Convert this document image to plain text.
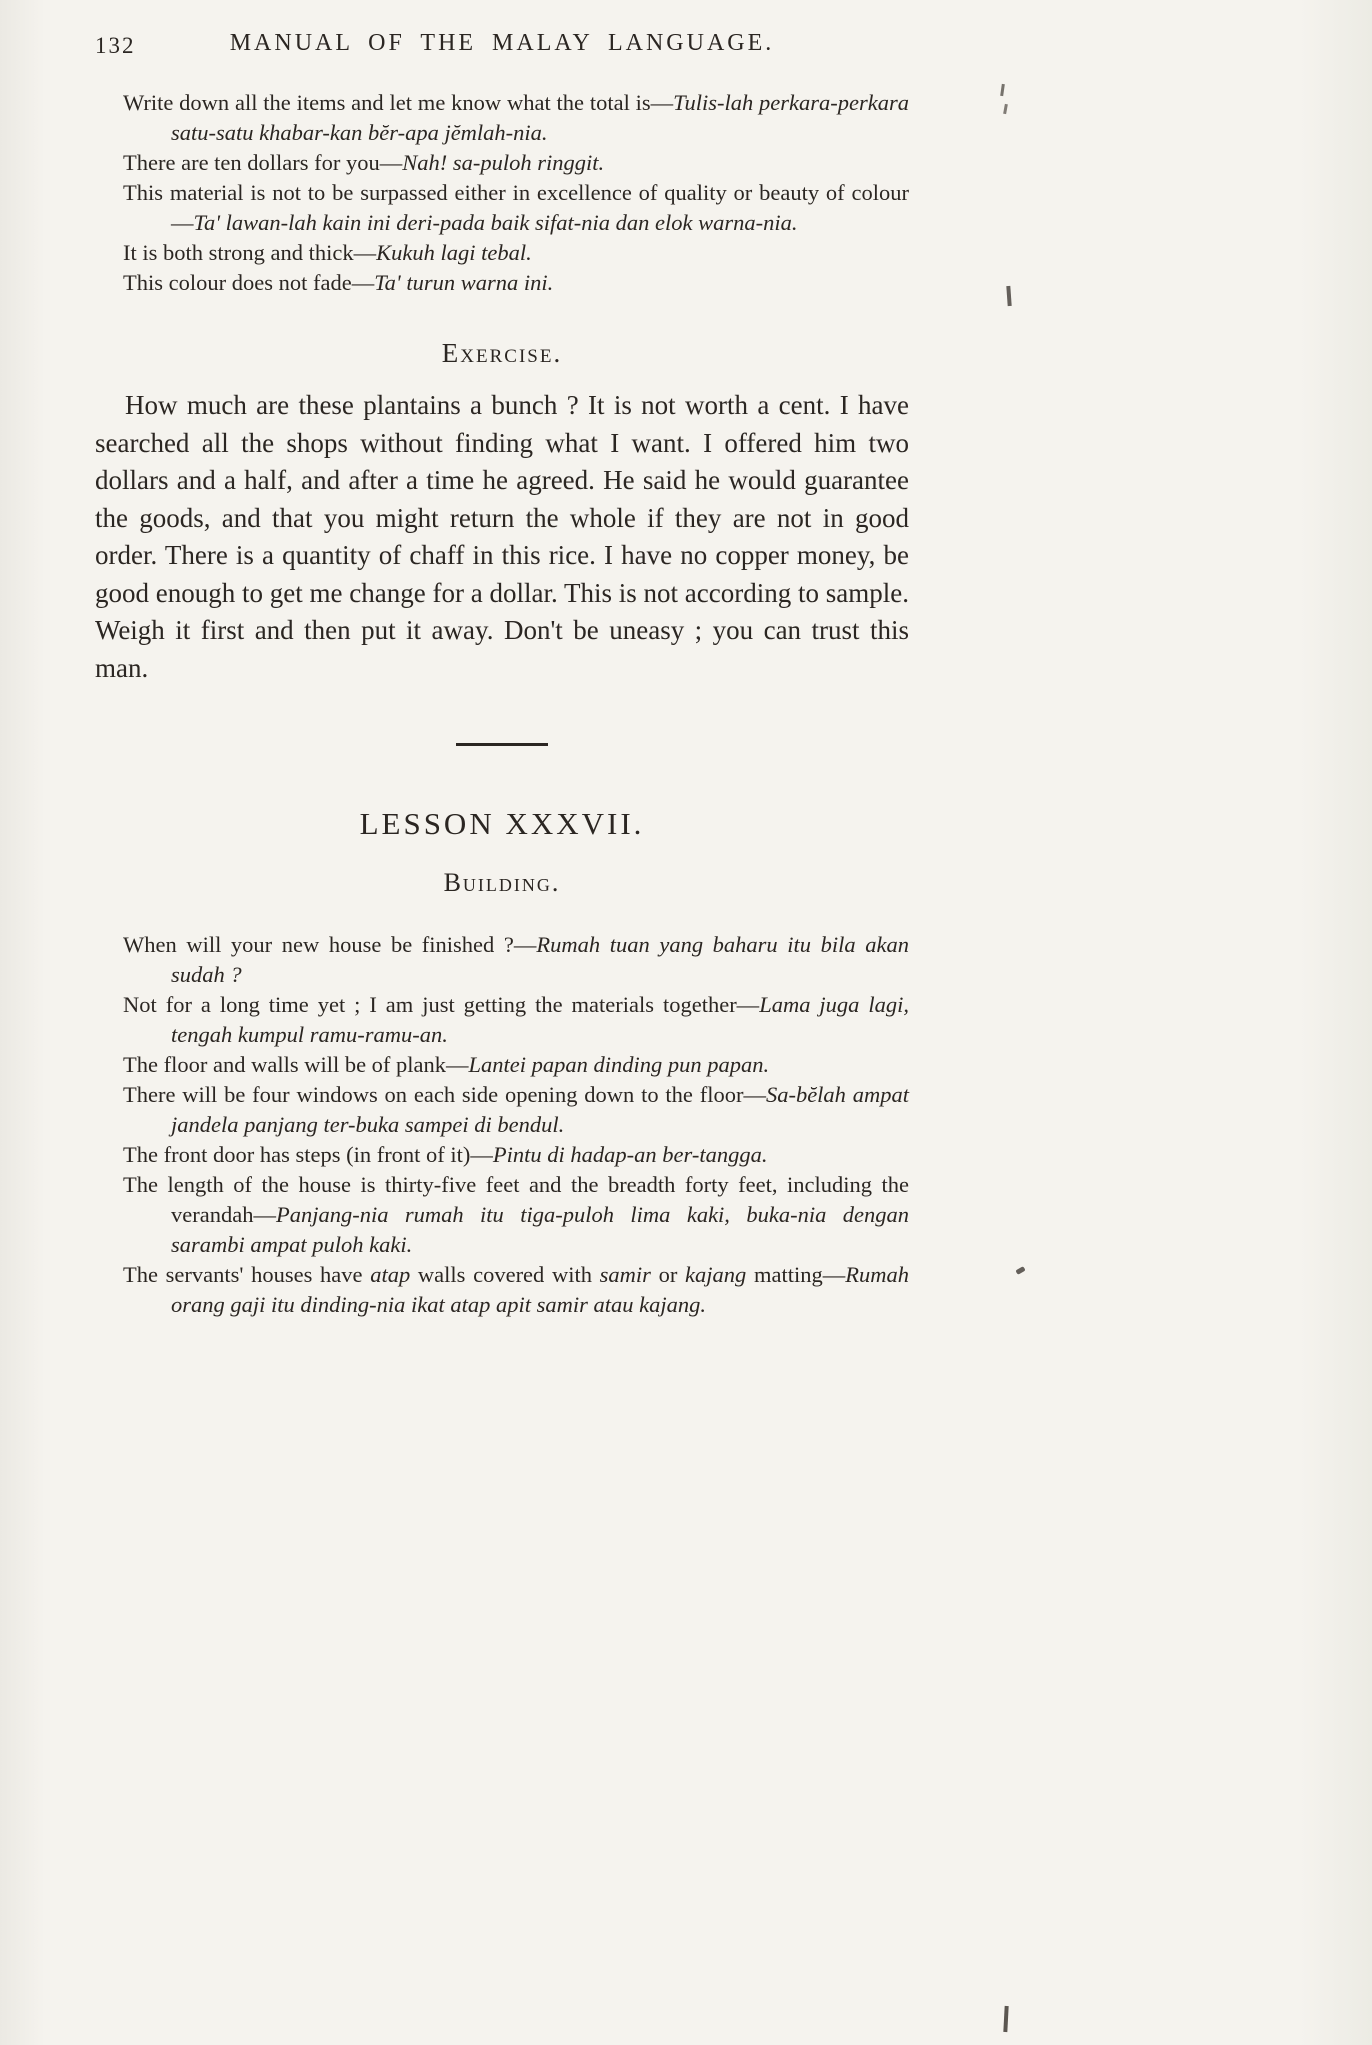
132	MANUAL OF THE MALAY LANGUAGE.

Write down all the items and let me know what the total is—Tulis-lah perkara-perkara satu-satu khabar-kan bĕr-apa jĕmlah-nia.

There are ten dollars for you—Nah! sa-puloh ringgit.

This material is not to be surpassed either in excellence of quality or beauty of colour—Ta' lawan-lah kain ini deri-pada baik sifat-nia dan elok warna-nia.

It is both strong and thick—Kukuh lagi tebal.

This colour does not fade—Ta' turun warna ini.

Exercise.

How much are these plantains a bunch ? It is not worth a cent. I have searched all the shops without finding what I want. I offered him two dollars and a half, and after a time he agreed. He said he would guarantee the goods, and that you might return the whole if they are not in good order. There is a quantity of chaff in this rice. I have no copper money, be good enough to get me change for a dollar. This is not according to sample. Weigh it first and then put it away. Don't be uneasy ; you can trust this man.

LESSON XXXVII.
Building.

When will your new house be finished ?—Rumah tuan yang baharu itu bila akan sudah ?

Not for a long time yet ; I am just getting the materials together—Lama juga lagi, tengah kumpul ramu-ramu-an.

The floor and walls will be of plank—Lantei papan dinding pun papan.

There will be four windows on each side opening down to the floor—Sa-bĕlah ampat jandela panjang ter-buka sampei di bendul.

The front door has steps (in front of it)—Pintu di hadap-an ber-tangga.

The length of the house is thirty-five feet and the breadth forty feet, including the verandah—Panjang-nia rumah itu tiga-puloh lima kaki, buka-nia dengan sarambi ampat puloh kaki.

The servants' houses have atap walls covered with samir or kajang matting—Rumah orang gaji itu dinding-nia ikat atap apit samir atau kajang.
